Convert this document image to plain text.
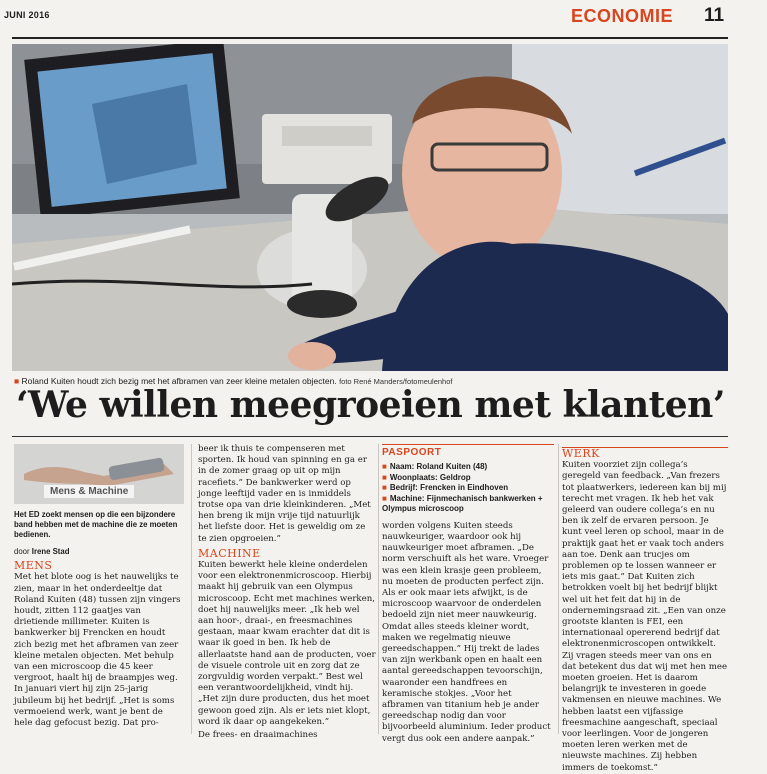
JUNI 2016	ECONOMIE 11
■ Roland Kuiten houdt zich bezig met het afbramen van zeer kleine metalen objecten. foto René Manders/fotomeulenhof
‘We willen meegroeien met klanten’
Mens & Machine

Het ED zoekt mensen op die een bijzondere band hebben met de machine die ze moeten bedienen.

door Irene Stad

MENS

Met het blote oog is het nauwelijks te zien, maar in het onderdeeltje dat Roland Kuiten (48) tussen zijn vingers houdt, zitten 112 gaatjes van drietiende millimeter. Kuiten is bankwerker bij Frencken en houdt zich bezig met het afbramen van zeer kleine metalen objecten. Met behulp van een microscoop die 45 keer vergroot, haalt hij de braampjes weg. In januari viert hij zijn 25-jarig jubileum bij het bedrijf. „Het is soms vermoeiend werk, want je bent de hele dag gefocust bezig. Dat pro-

beer ik thuis te compenseren met sporten. Ik houd van spinning en ga er in de zomer graag op uit op mijn racefiets.” De bankwerker werd op jonge leeftijd vader en is inmiddels trotse opa van drie kleinkinderen. „Met hen breng ik mijn vrije tijd natuurlijk het liefste door. Het is geweldig om ze te zien opgroeien.”

MACHINE

Kuiten bewerkt hele kleine onderdelen voor een elektronenmicroscoop. Hierbij maakt hij gebruik van een Olympus microscoop. Echt met machines werken, doet hij nauwelijks meer. „Ik heb wel aan hoor-, draai-, en freesmachines gestaan, maar kwam erachter dat dit is waar ik goed in ben. Ik heb de allerlaatste hand aan de producten, voer de visuele controle uit en zorg dat ze zorgvuldig worden verpakt.” Best wel een verantwoordelijkheid, vindt hij. „Het zijn dure producten, dus het moet gewoon goed zijn. Als er iets niet klopt, word ik daar op aangekeken.”

De frees- en draaimachines

PASPOORT
■ Naam: Roland Kuiten (48)
■ Woonplaats: Geldrop
■ Bedrijf: Frencken in Eindhoven
■ Machine: Fijnmechanisch bankwerken + Olympus microscoop

worden volgens Kuiten steeds nauwkeuriger, waardoor ook hij nauwkeuriger moet afbramen. „De norm verschuift als het ware. Vroeger was een klein krasje geen probleem, nu moeten de producten perfect zijn. Als er ook maar iets afwijkt, is de microscoop waarvoor de onderdelen bedoeld zijn niet meer nauwkeurig. Omdat alles steeds kleiner wordt, maken we regelmatig nieuwe gereedschappen.” Hij trekt de lades van zijn werkbank open en haalt een aantal gereedschappen tevoorschijn, waaronder een handfrees en keramische stokjes. „Voor het afbramen van titanium heb je ander gereedschap nodig dan voor bijvoorbeeld aluminium. Ieder product vergt dus ook een andere aanpak.”

WERK

Kuiten voorziet zijn collega’s geregeld van feedback. „Van frezers tot plaatwerkers, iedereen kan bij mij terecht met vragen. Ik heb het vak geleerd van oudere collega’s en nu ben ik zelf de ervaren persoon. Je kunt veel leren op school, maar in de praktijk gaat het er vaak toch anders aan toe. Denk aan trucjes om problemen op te lossen wanneer er iets mis gaat.” Dat Kuiten zich betrokken voelt bij het bedrijf blijkt wel uit het feit dat hij in de ondernemingsraad zit. „Een van onze grootste klanten is FEI, een internationaal opererend bedrijf dat elektronenmicroscopen ontwikkelt. Zij vragen steeds meer van ons en dat betekent dus dat wij met hen mee moeten groeien. Het is daarom belangrijk te investeren in goede vakmensen en nieuwe machines. We hebben laatst een vijfassige freesmachine aangeschaft, speciaal voor leerlingen. Voor de jongeren moeten leren werken met de nieuwste machines. Zij hebben immers de toekomst.”
